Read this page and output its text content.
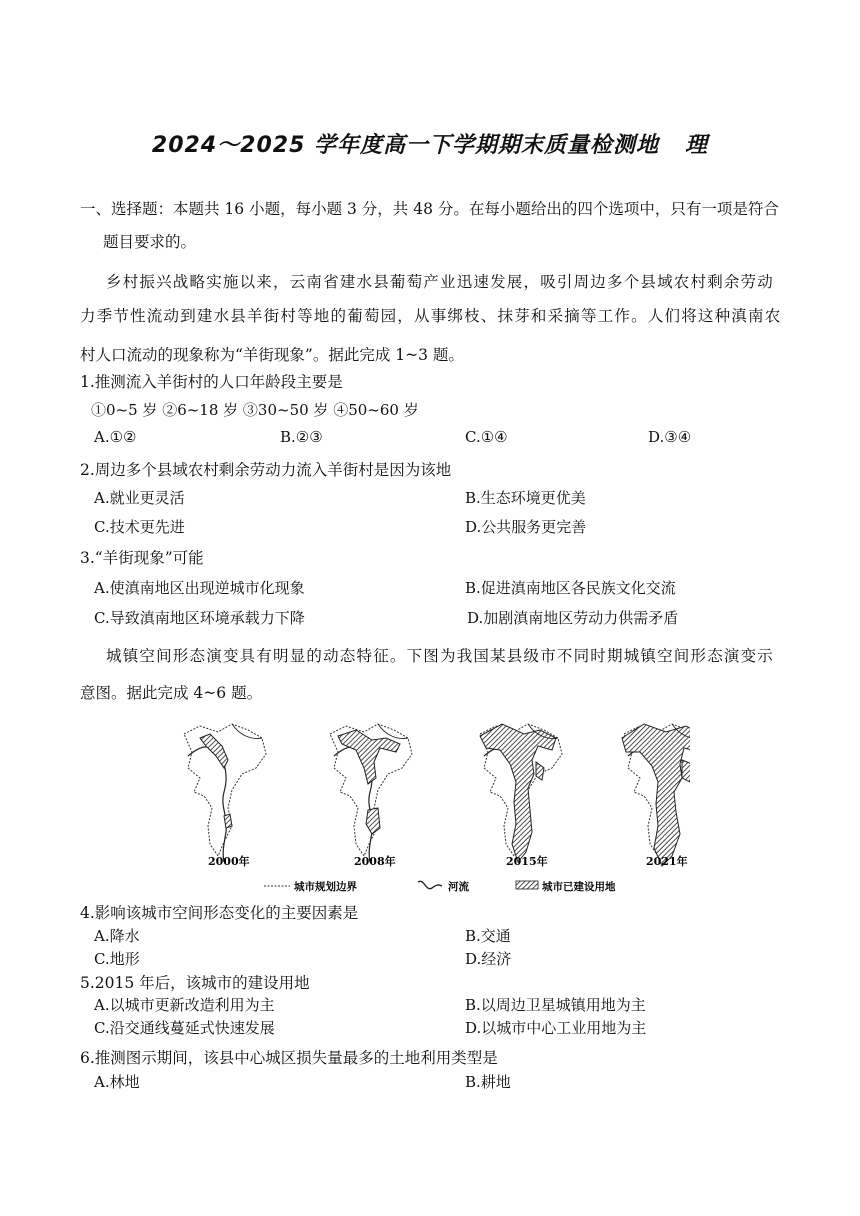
2024～2025 学年度高一下学期期末质量检测地 理
一、选择题：本题共 16 小题，每小题 3 分，共 48 分。在每小题给出的四个选项中，只有一项是符合
题目要求的。
乡村振兴战略实施以来，云南省建水县葡萄产业迅速发展，吸引周边多个县域农村剩余劳动
力季节性流动到建水县羊街村等地的葡萄园，从事绑枝、抹芽和采摘等工作。人们将这种滇南农
村人口流动的现象称为“羊街现象”。据此完成 1~3 题。
1.推测流入羊街村的人口年龄段主要是
①0~5 岁 ②6~18 岁 ③30~50 岁 ④50~60 岁
A.①②	B.②③	C.①④	D.③④
2.周边多个县域农村剩余劳动力流入羊街村是因为该地
A.就业更灵活	B.生态环境更优美
C.技术更先进	D.公共服务更完善
3.“羊街现象”可能
A.使滇南地区出现逆城市化现象	B.促进滇南地区各民族文化交流
C.导致滇南地区环境承载力下降	D.加剧滇南地区劳动力供需矛盾
城镇空间形态演变具有明显的动态特征。下图为我国某县级市不同时期城镇空间形态演变示
意图。据此完成 4~6 题。
2000年	2008年	2015年	2021年
城市规划边界	河流	城市已建设用地
4.影响该城市空间形态变化的主要因素是
A.降水	B.交通
C.地形	D.经济
5.2015 年后，该城市的建设用地
A.以城市更新改造利用为主	B.以周边卫星城镇用地为主
C.沿交通线蔓延式快速发展	D.以城市中心工业用地为主
6.推测图示期间，该县中心城区损失量最多的土地利用类型是
A.林地	B.耕地
